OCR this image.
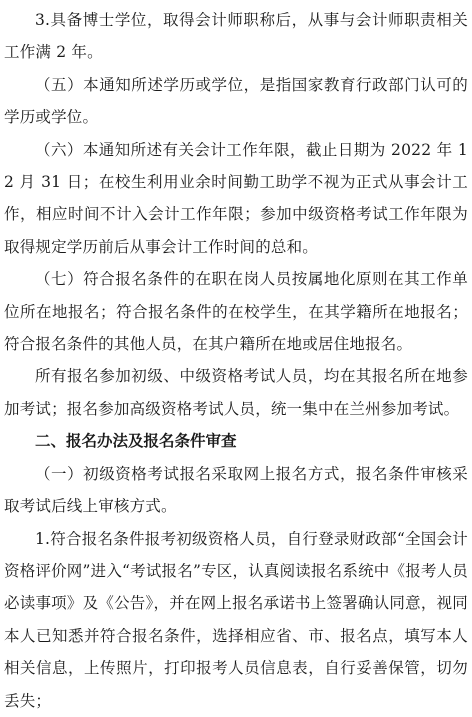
3.具备博士学位，取得会计师职称后，从事与会计师职责相关工作满 2 年。

（五）本通知所述学历或学位，是指国家教育行政部门认可的学历或学位。

（六）本通知所述有关会计工作年限，截止日期为 2022 年 12 月 31 日；在校生利用业余时间勤工助学不视为正式从事会计工作，相应时间不计入会计工作年限；参加中级资格考试工作年限为取得规定学历前后从事会计工作时间的总和。

（七）符合报名条件的在职在岗人员按属地化原则在其工作单位所在地报名；符合报名条件的在校学生，在其学籍所在地报名；符合报名条件的其他人员，在其户籍所在地或居住地报名。

所有报名参加初级、中级资格考试人员，均在其报名所在地参加考试；报名参加高级资格考试人员，统一集中在兰州参加考试。

二、报名办法及报名条件审查

（一）初级资格考试报名采取网上报名方式，报名条件审核采取考试后线上审核方式。

1.符合报名条件报考初级资格人员，自行登录财政部“全国会计资格评价网”进入“考试报名”专区，认真阅读报名系统中《报考人员必读事项》及《公告》，并在网上报名承诺书上签署确认同意，视同本人已知悉并符合报名条件，选择相应省、市、报名点，填写本人相关信息，上传照片，打印报考人员信息表，自行妥善保管，切勿丢失；
